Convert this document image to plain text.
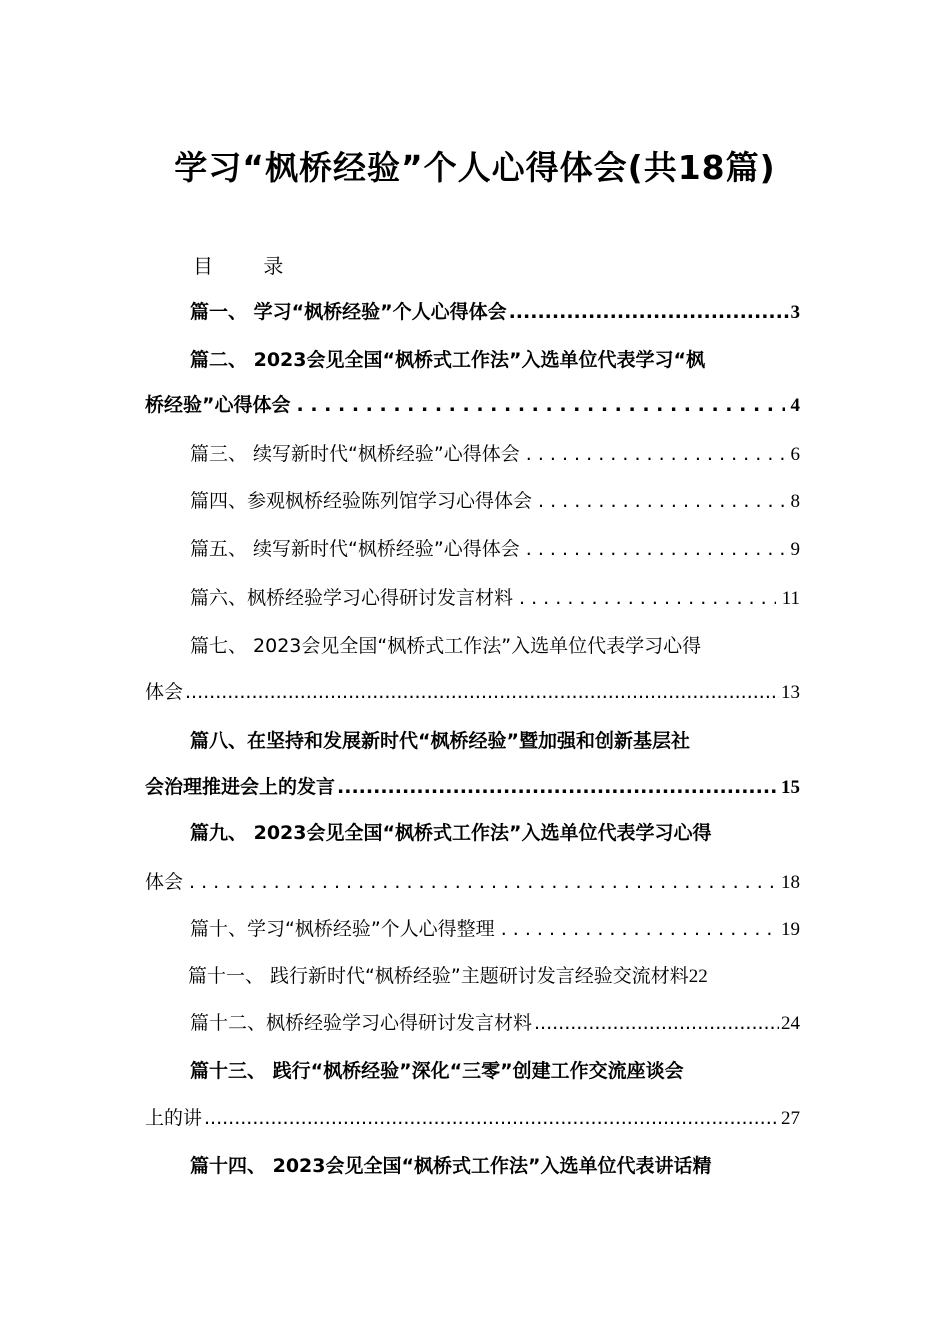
学习“枫桥经验”个人心得体会(共18篇)
目 录
篇一、 学习“枫桥经验”个人心得体会 .....	3
篇二、 2023会见全国“枫桥式工作法”入选单位代表学习“枫
桥经验”心得体会 . . .	4
篇三、 续写新时代“枫桥经验”心得体会 . . .	6
篇四、参观枫桥经验陈列馆学习心得体会 . . .	8
篇五、 续写新时代“枫桥经验”心得体会 . . .	9
篇六、枫桥经验学习心得研讨发言材料 . . .	11
篇七、 2023会见全国“枫桥式工作法”入选单位代表学习心得
体会 .....	13
篇八、在坚持和发展新时代“枫桥经验”暨加强和创新基层社
会治理推进会上的发言 .....	15
篇九、 2023会见全国“枫桥式工作法”入选单位代表学习心得
体会 . . .	18
篇十、学习“枫桥经验”个人心得整理 . . .	19
篇十一、 践行新时代“枫桥经验”主题研讨发言经验交流材料22
篇十二、枫桥经验学习心得研讨发言材料 .....	24
篇十三、 践行“枫桥经验”深化“三零”创建工作交流座谈会
上的讲 .....	27
篇十四、 2023会见全国“枫桥式工作法”入选单位代表讲话精
